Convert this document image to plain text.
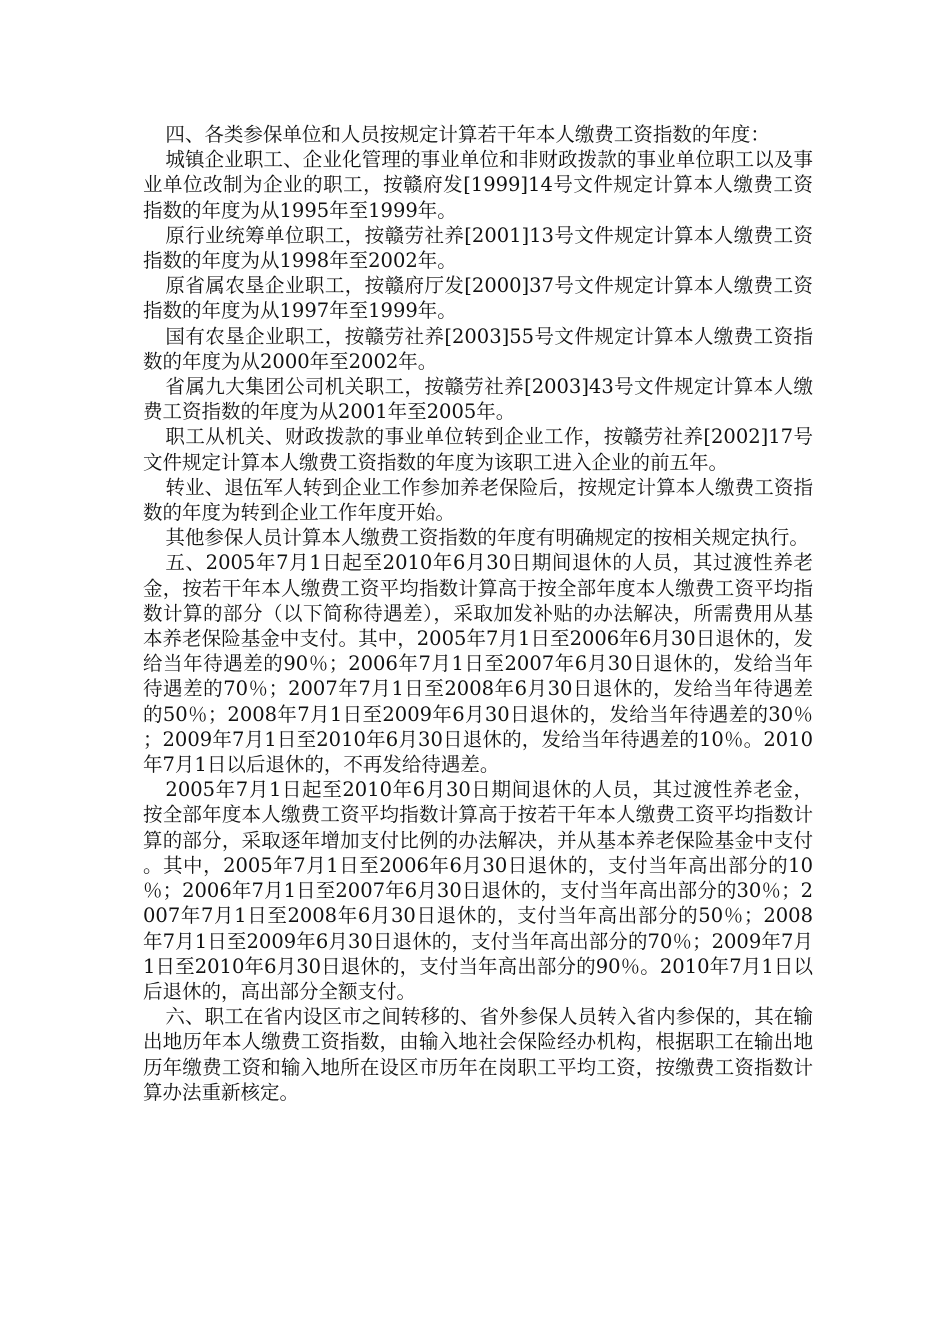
四、各类参保单位和人员按规定计算若干年本人缴费工资指数的年度：

城镇企业职工、企业化管理的事业单位和非财政拨款的事业单位职工以及事业单位改制为企业的职工，按赣府发[1999]14号文件规定计算本人缴费工资指数的年度为从1995年至1999年。

原行业统筹单位职工，按赣劳社养[2001]13号文件规定计算本人缴费工资指数的年度为从1998年至2002年。

原省属农垦企业职工，按赣府厅发[2000]37号文件规定计算本人缴费工资指数的年度为从1997年至1999年。

国有农垦企业职工，按赣劳社养[2003]55号文件规定计算本人缴费工资指数的年度为从2000年至2002年。

省属九大集团公司机关职工，按赣劳社养[2003]43号文件规定计算本人缴费工资指数的年度为从2001年至2005年。

职工从机关、财政拨款的事业单位转到企业工作，按赣劳社养[2002]17号文件规定计算本人缴费工资指数的年度为该职工进入企业的前五年。

转业、退伍军人转到企业工作参加养老保险后，按规定计算本人缴费工资指数的年度为转到企业工作年度开始。

其他参保人员计算本人缴费工资指数的年度有明确规定的按相关规定执行。

五、2005年7月1日起至2010年6月30日期间退休的人员，其过渡性养老金，按若干年本人缴费工资平均指数计算高于按全部年度本人缴费工资平均指数计算的部分（以下简称待遇差），采取加发补贴的办法解决，所需费用从基本养老保险基金中支付。其中，2005年7月1日至2006年6月30日退休的，发给当年待遇差的90％；2006年7月1日至2007年6月30日退休的，发给当年待遇差的70％；2007年7月1日至2008年6月30日退休的，发给当年待遇差的50％；2008年7月1日至2009年6月30日退休的，发给当年待遇差的30％；2009年7月1日至2010年6月30日退休的，发给当年待遇差的10％。2010年7月1日以后退休的，不再发给待遇差。

2005年7月1日起至2010年6月30日期间退休的人员，其过渡性养老金，按全部年度本人缴费工资平均指数计算高于按若干年本人缴费工资平均指数计算的部分，采取逐年增加支付比例的办法解决，并从基本养老保险基金中支付。其中，2005年7月1日至2006年6月30日退休的，支付当年高出部分的10％；2006年7月1日至2007年6月30日退休的，支付当年高出部分的30％；2007年7月1日至2008年6月30日退休的，支付当年高出部分的50％；2008年7月1日至2009年6月30日退休的，支付当年高出部分的70％；2009年7月1日至2010年6月30日退休的，支付当年高出部分的90％。2010年7月1日以后退休的，高出部分全额支付。

六、职工在省内设区市之间转移的、省外参保人员转入省内参保的，其在输出地历年本人缴费工资指数，由输入地社会保险经办机构，根据职工在输出地历年缴费工资和输入地所在设区市历年在岗职工平均工资，按缴费工资指数计算办法重新核定。
